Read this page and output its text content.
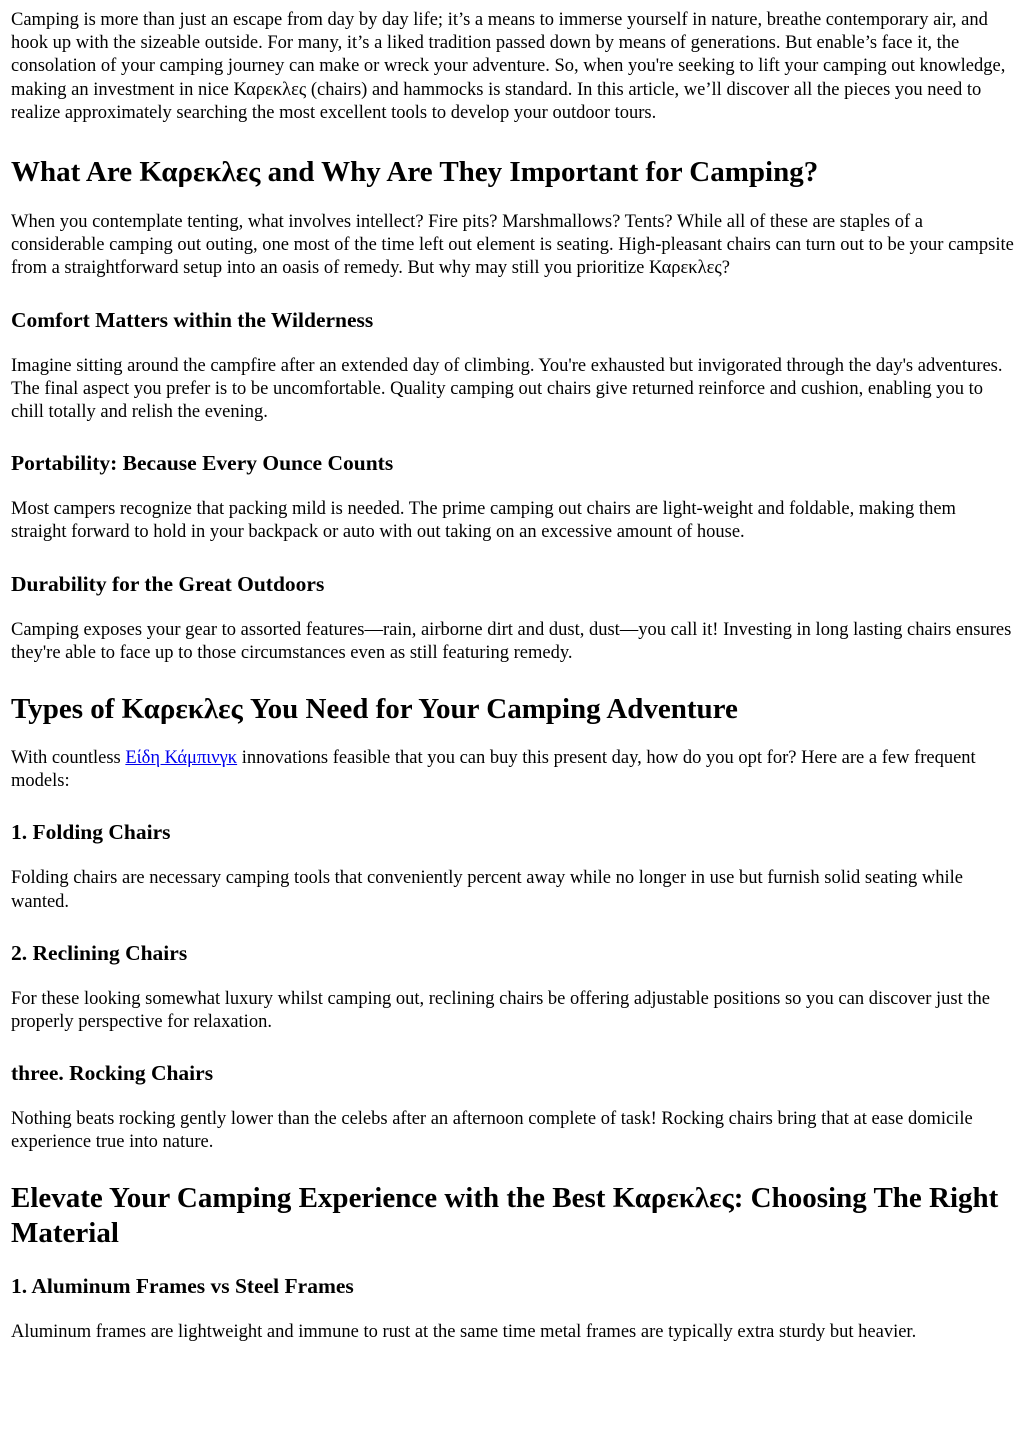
Camping is more than just an escape from day by day life; it’s a means to immerse yourself in nature, breathe contemporary air, and hook up with the sizeable outside. For many, it’s a liked tradition passed down by means of generations. But enable’s face it, the consolation of your camping journey can make or wreck your adventure. So, when you're seeking to lift your camping out knowledge, making an investment in nice Καρεκλες (chairs) and hammocks is standard. In this article, we’ll discover all the pieces you need to realize approximately searching the most excellent tools to develop your outdoor tours.

What Are Καρεκλες and Why Are They Important for Camping?

When you contemplate tenting, what involves intellect? Fire pits? Marshmallows? Tents? While all of these are staples of a considerable camping out outing, one most of the time left out element is seating. High-pleasant chairs can turn out to be your campsite from a straightforward setup into an oasis of remedy. But why may still you prioritize Καρεκλες?

Comfort Matters within the Wilderness

Imagine sitting around the campfire after an extended day of climbing. You're exhausted but invigorated through the day's adventures. The final aspect you prefer is to be uncomfortable. Quality camping out chairs give returned reinforce and cushion, enabling you to chill totally and relish the evening.

Portability: Because Every Ounce Counts

Most campers recognize that packing mild is needed. The prime camping out chairs are light-weight and foldable, making them straight forward to hold in your backpack or auto with out taking on an excessive amount of house.

Durability for the Great Outdoors

Camping exposes your gear to assorted features—rain, airborne dirt and dust, dust—you call it! Investing in long lasting chairs ensures they're able to face up to those circumstances even as still featuring remedy.

Types of Καρεκλες You Need for Your Camping Adventure

With countless Είδη Κάμπινγκ innovations feasible that you can buy this present day, how do you opt for? Here are a few frequent models:

1. Folding Chairs

Folding chairs are necessary camping tools that conveniently percent away while no longer in use but furnish solid seating while wanted.

2. Reclining Chairs

For these looking somewhat luxury whilst camping out, reclining chairs be offering adjustable positions so you can discover just the properly perspective for relaxation.

three. Rocking Chairs

Nothing beats rocking gently lower than the celebs after an afternoon complete of task! Rocking chairs bring that at ease domicile experience true into nature.

Elevate Your Camping Experience with the Best Καρεκλες: Choosing The Right Material
1. Aluminum Frames vs Steel Frames

Aluminum frames are lightweight and immune to rust at the same time metal frames are typically extra sturdy but heavier.
